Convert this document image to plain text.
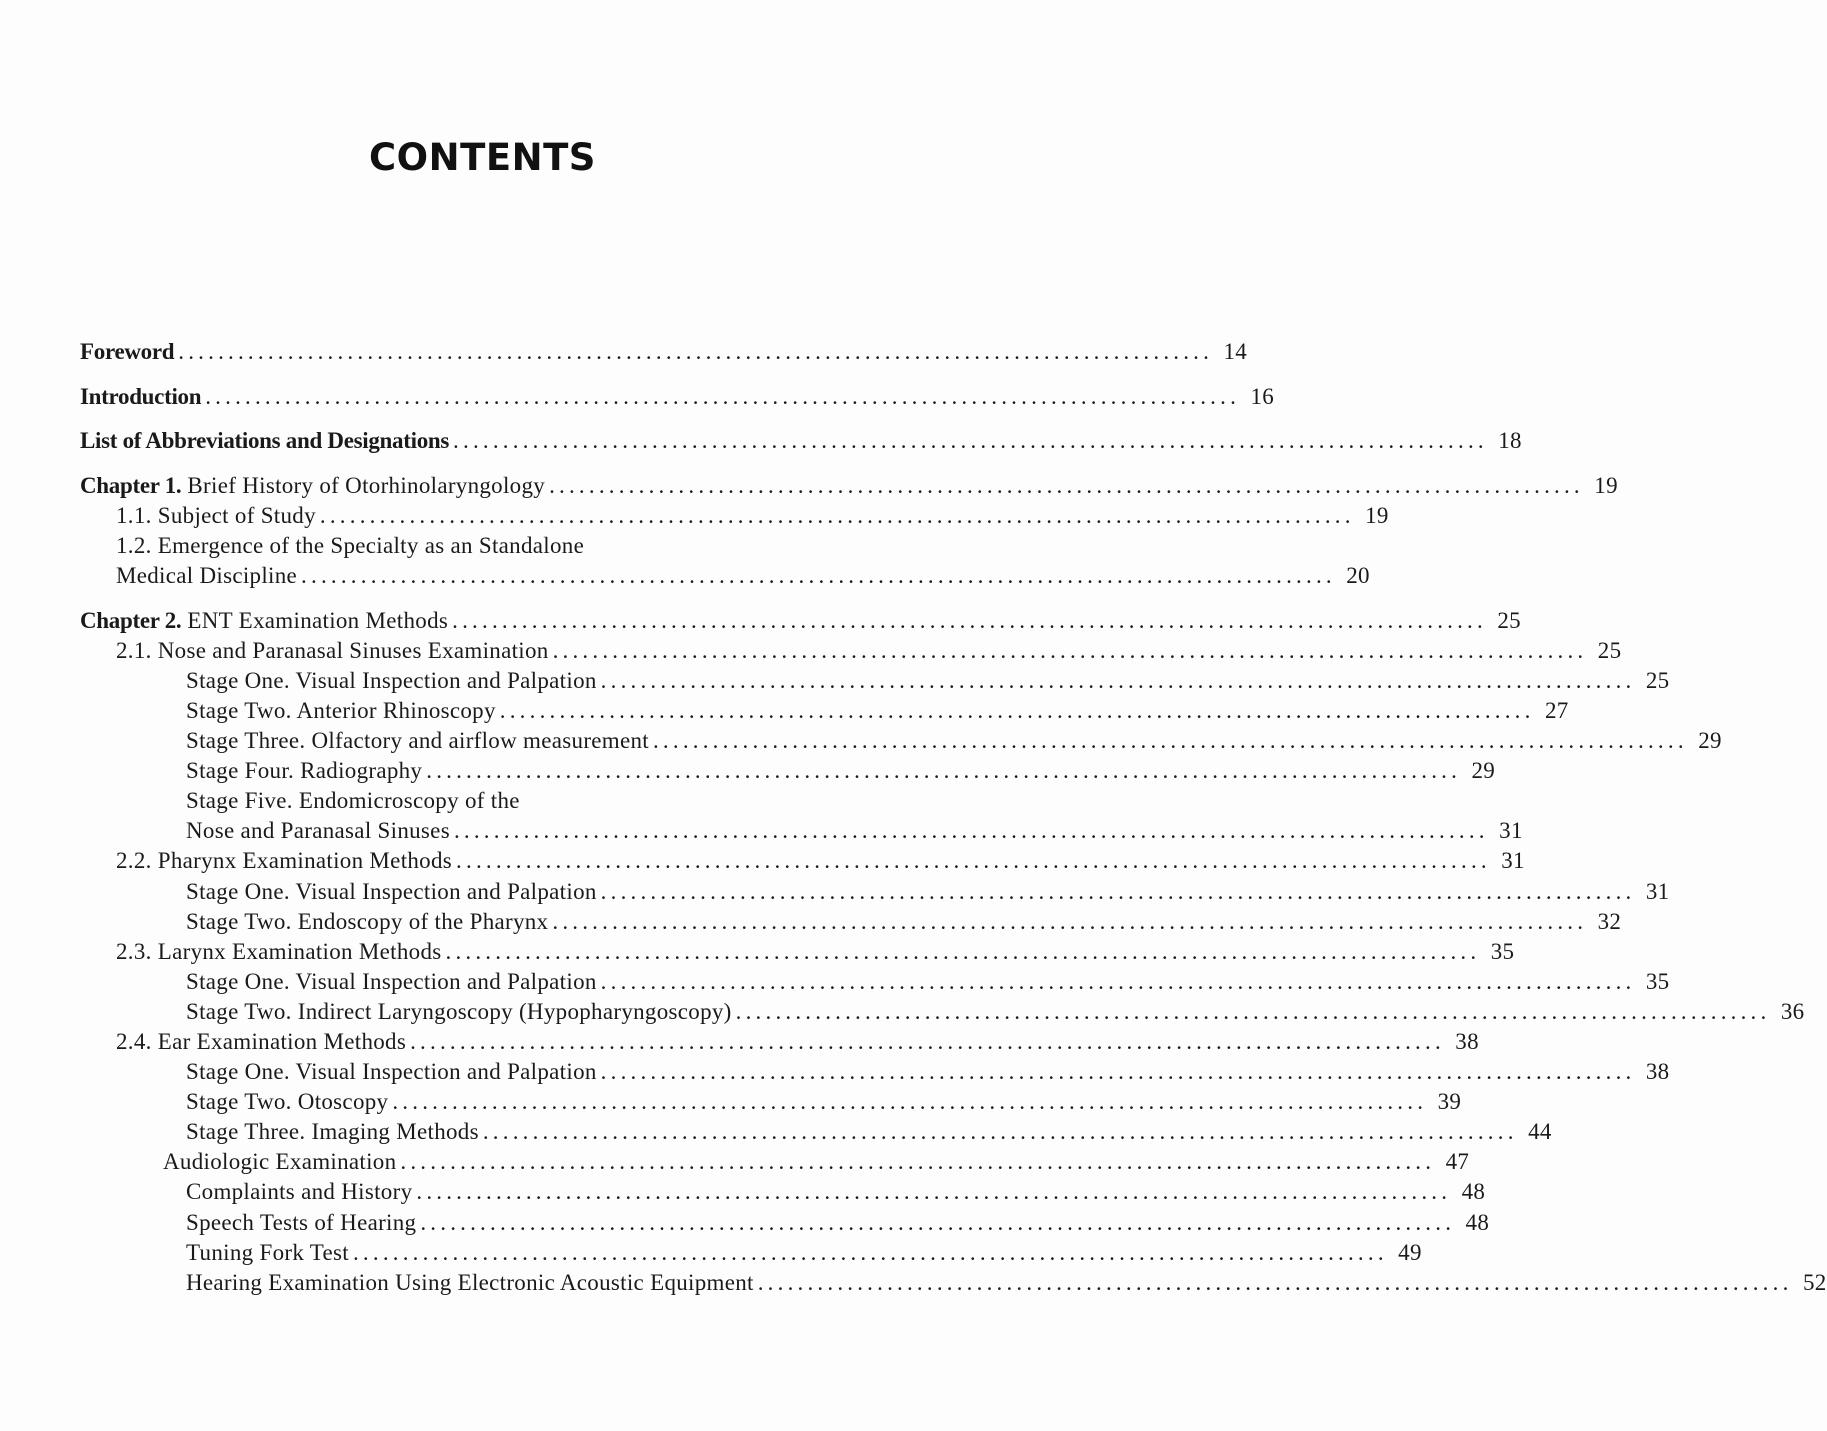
CONTENTS
Foreword ........................................................................................................ 14
Introduction ........................................................................................................ 16
List of Abbreviations and Designations ........................................................................................................ 18
Chapter 1. Brief History of Otorhinolaryngology ........................................................................................................ 19
1.1. Subject of Study ........................................................................................................ 19
1.2. Emergence of the Specialty as an Standalone
Medical Discipline ........................................................................................................ 20
Chapter 2. ENT Examination Methods ........................................................................................................ 25
2.1. Nose and Paranasal Sinuses Examination ........................................................................................................ 25
Stage One. Visual Inspection and Palpation ........................................................................................................ 25
Stage Two. Anterior Rhinoscopy ........................................................................................................ 27
Stage Three. Olfactory and airflow measurement ........................................................................................................ 29
Stage Four. Radiography ........................................................................................................ 29
Stage Five. Endomicroscopy of the
Nose and Paranasal Sinuses ........................................................................................................ 31
2.2. Pharynx Examination Methods ........................................................................................................ 31
Stage One. Visual Inspection and Palpation ........................................................................................................ 31
Stage Two. Endoscopy of the Pharynx ........................................................................................................ 32
2.3. Larynx Examination Methods ........................................................................................................ 35
Stage One. Visual Inspection and Palpation ........................................................................................................ 35
Stage Two. Indirect Laryngoscopy (Hypopharyngoscopy) ........................................................................................................ 36
2.4. Ear Examination Methods ........................................................................................................ 38
Stage One. Visual Inspection and Palpation ........................................................................................................ 38
Stage Two. Otoscopy ........................................................................................................ 39
Stage Three. Imaging Methods ........................................................................................................ 44
Audiologic Examination ........................................................................................................ 47
Complaints and History ........................................................................................................ 48
Speech Tests of Hearing ........................................................................................................ 48
Tuning Fork Test ........................................................................................................ 49
Hearing Examination Using Electronic Acoustic Equipment ........................................................................................................ 52
